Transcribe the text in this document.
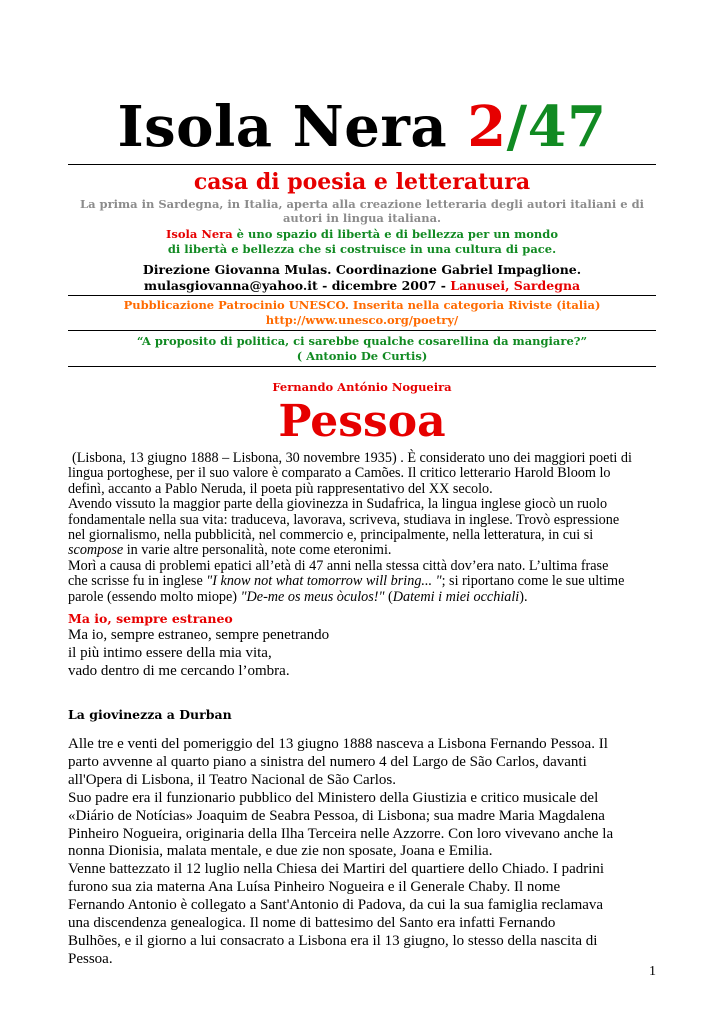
Isola Nera 2/47
casa di poesia e letteratura
La prima in Sardegna, in Italia, aperta alla creazione letteraria degli autori italiani e di autori in lingua italiana.
Isola Nera è uno spazio di libertà e di bellezza per un mondo
di libertà e bellezza che si costruisce in una cultura di pace.
Direzione Giovanna Mulas. Coordinazione Gabriel Impaglione.
mulasgiovanna@yahoo.it - dicembre 2007 - Lanusei, Sardegna
Pubblicazione Patrocinio UNESCO. Inserita nella categoria Riviste (italia)
http://www.unesco.org/poetry/
“A proposito di politica, ci sarebbe qualche cosarellina da mangiare?”
( Antonio De Curtis)
Fernando António Nogueira
Pessoa

(Lisbona, 13 giugno 1888 – Lisbona, 30 novembre 1935) . È considerato uno dei maggiori poeti di

lingua portoghese, per il suo valore è comparato a Camões. Il critico letterario Harold Bloom lo

definì, accanto a Pablo Neruda, il poeta più rappresentativo del XX secolo.

Avendo vissuto la maggior parte della giovinezza in Sudafrica, la lingua inglese giocò un ruolo

fondamentale nella sua vita: traduceva, lavorava, scriveva, studiava in inglese. Trovò espressione

nel giornalismo, nella pubblicità, nel commercio e, principalmente, nella letteratura, in cui si

scompose in varie altre personalità, note come eteronimi.

Morì a causa di problemi epatici all’età di 47 anni nella stessa città dov’era nato. L’ultima frase

che scrisse fu in inglese "I know not what tomorrow will bring... "; si riportano come le sue ultime

parole (essendo molto miope) "De-me os meus òculos!" (Datemi i miei occhiali).

Ma io, sempre estraneo

Ma io, sempre estraneo, sempre penetrando

il più intimo essere della mia vita,

vado dentro di me cercando l’ombra.

La giovinezza a Durban

Alle tre e venti del pomeriggio del 13 giugno 1888 nasceva a Lisbona Fernando Pessoa. Il

parto avvenne al quarto piano a sinistra del numero 4 del Largo de São Carlos, davanti

all'Opera di Lisbona, il Teatro Nacional de São Carlos.

Suo padre era il funzionario pubblico del Ministero della Giustizia e critico musicale del

«Diário de Notícias» Joaquim de Seabra Pessoa, di Lisbona; sua madre Maria Magdalena

Pinheiro Nogueira, originaria della Ilha Terceira nelle Azzorre. Con loro vivevano anche la

nonna Dionisia, malata mentale, e due zie non sposate, Joana e Emilia.

Venne battezzato il 12 luglio nella Chiesa dei Martiri del quartiere dello Chiado. I padrini

furono sua zia materna Ana Luísa Pinheiro Nogueira e il Generale Chaby. Il nome

Fernando Antonio è collegato a Sant'Antonio di Padova, da cui la sua famiglia reclamava

una discendenza genealogica. Il nome di battesimo del Santo era infatti Fernando

Bulhões, e il giorno a lui consacrato a Lisbona era il 13 giugno, lo stesso della nascita di

Pessoa.

1
